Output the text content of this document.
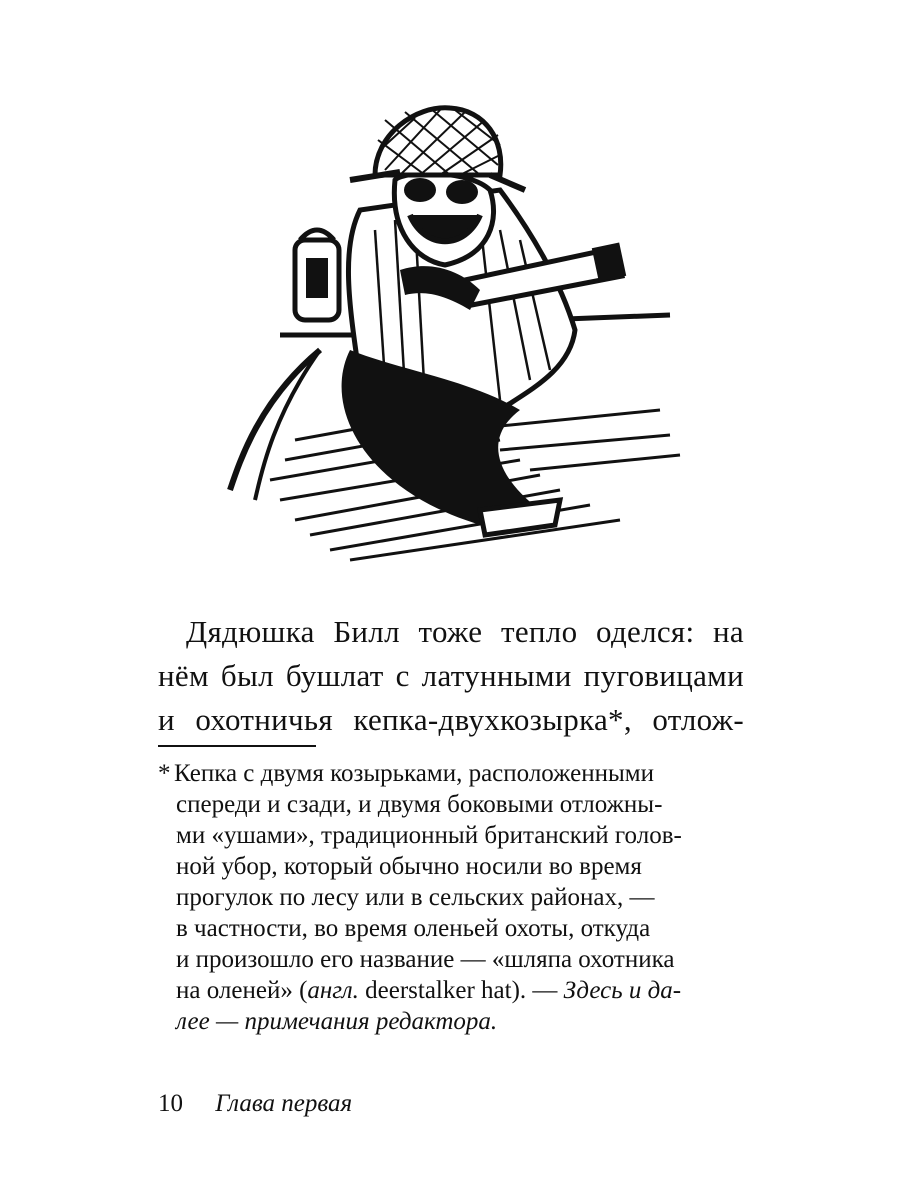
Дядюшка Билл тоже тепло оделся: на
нём был бушлат с латунными пуговицами
и охотничья кепка-двухкозырка*, отлож-
* Кепка с двумя козырьками, расположенными
спереди и сзади, и двумя боковыми отложны-
ми «ушами», традиционный британский голов-
ной убор, который обычно носили во время
прогулок по лесу или в сельских районах, —
в частности, во время оленьей охоты, откуда
и произошло его название — «шляпа охотника
на оленей» (англ. deerstalker hat). — Здесь и да-
лее — примечания редактора.
10 Глава первая
